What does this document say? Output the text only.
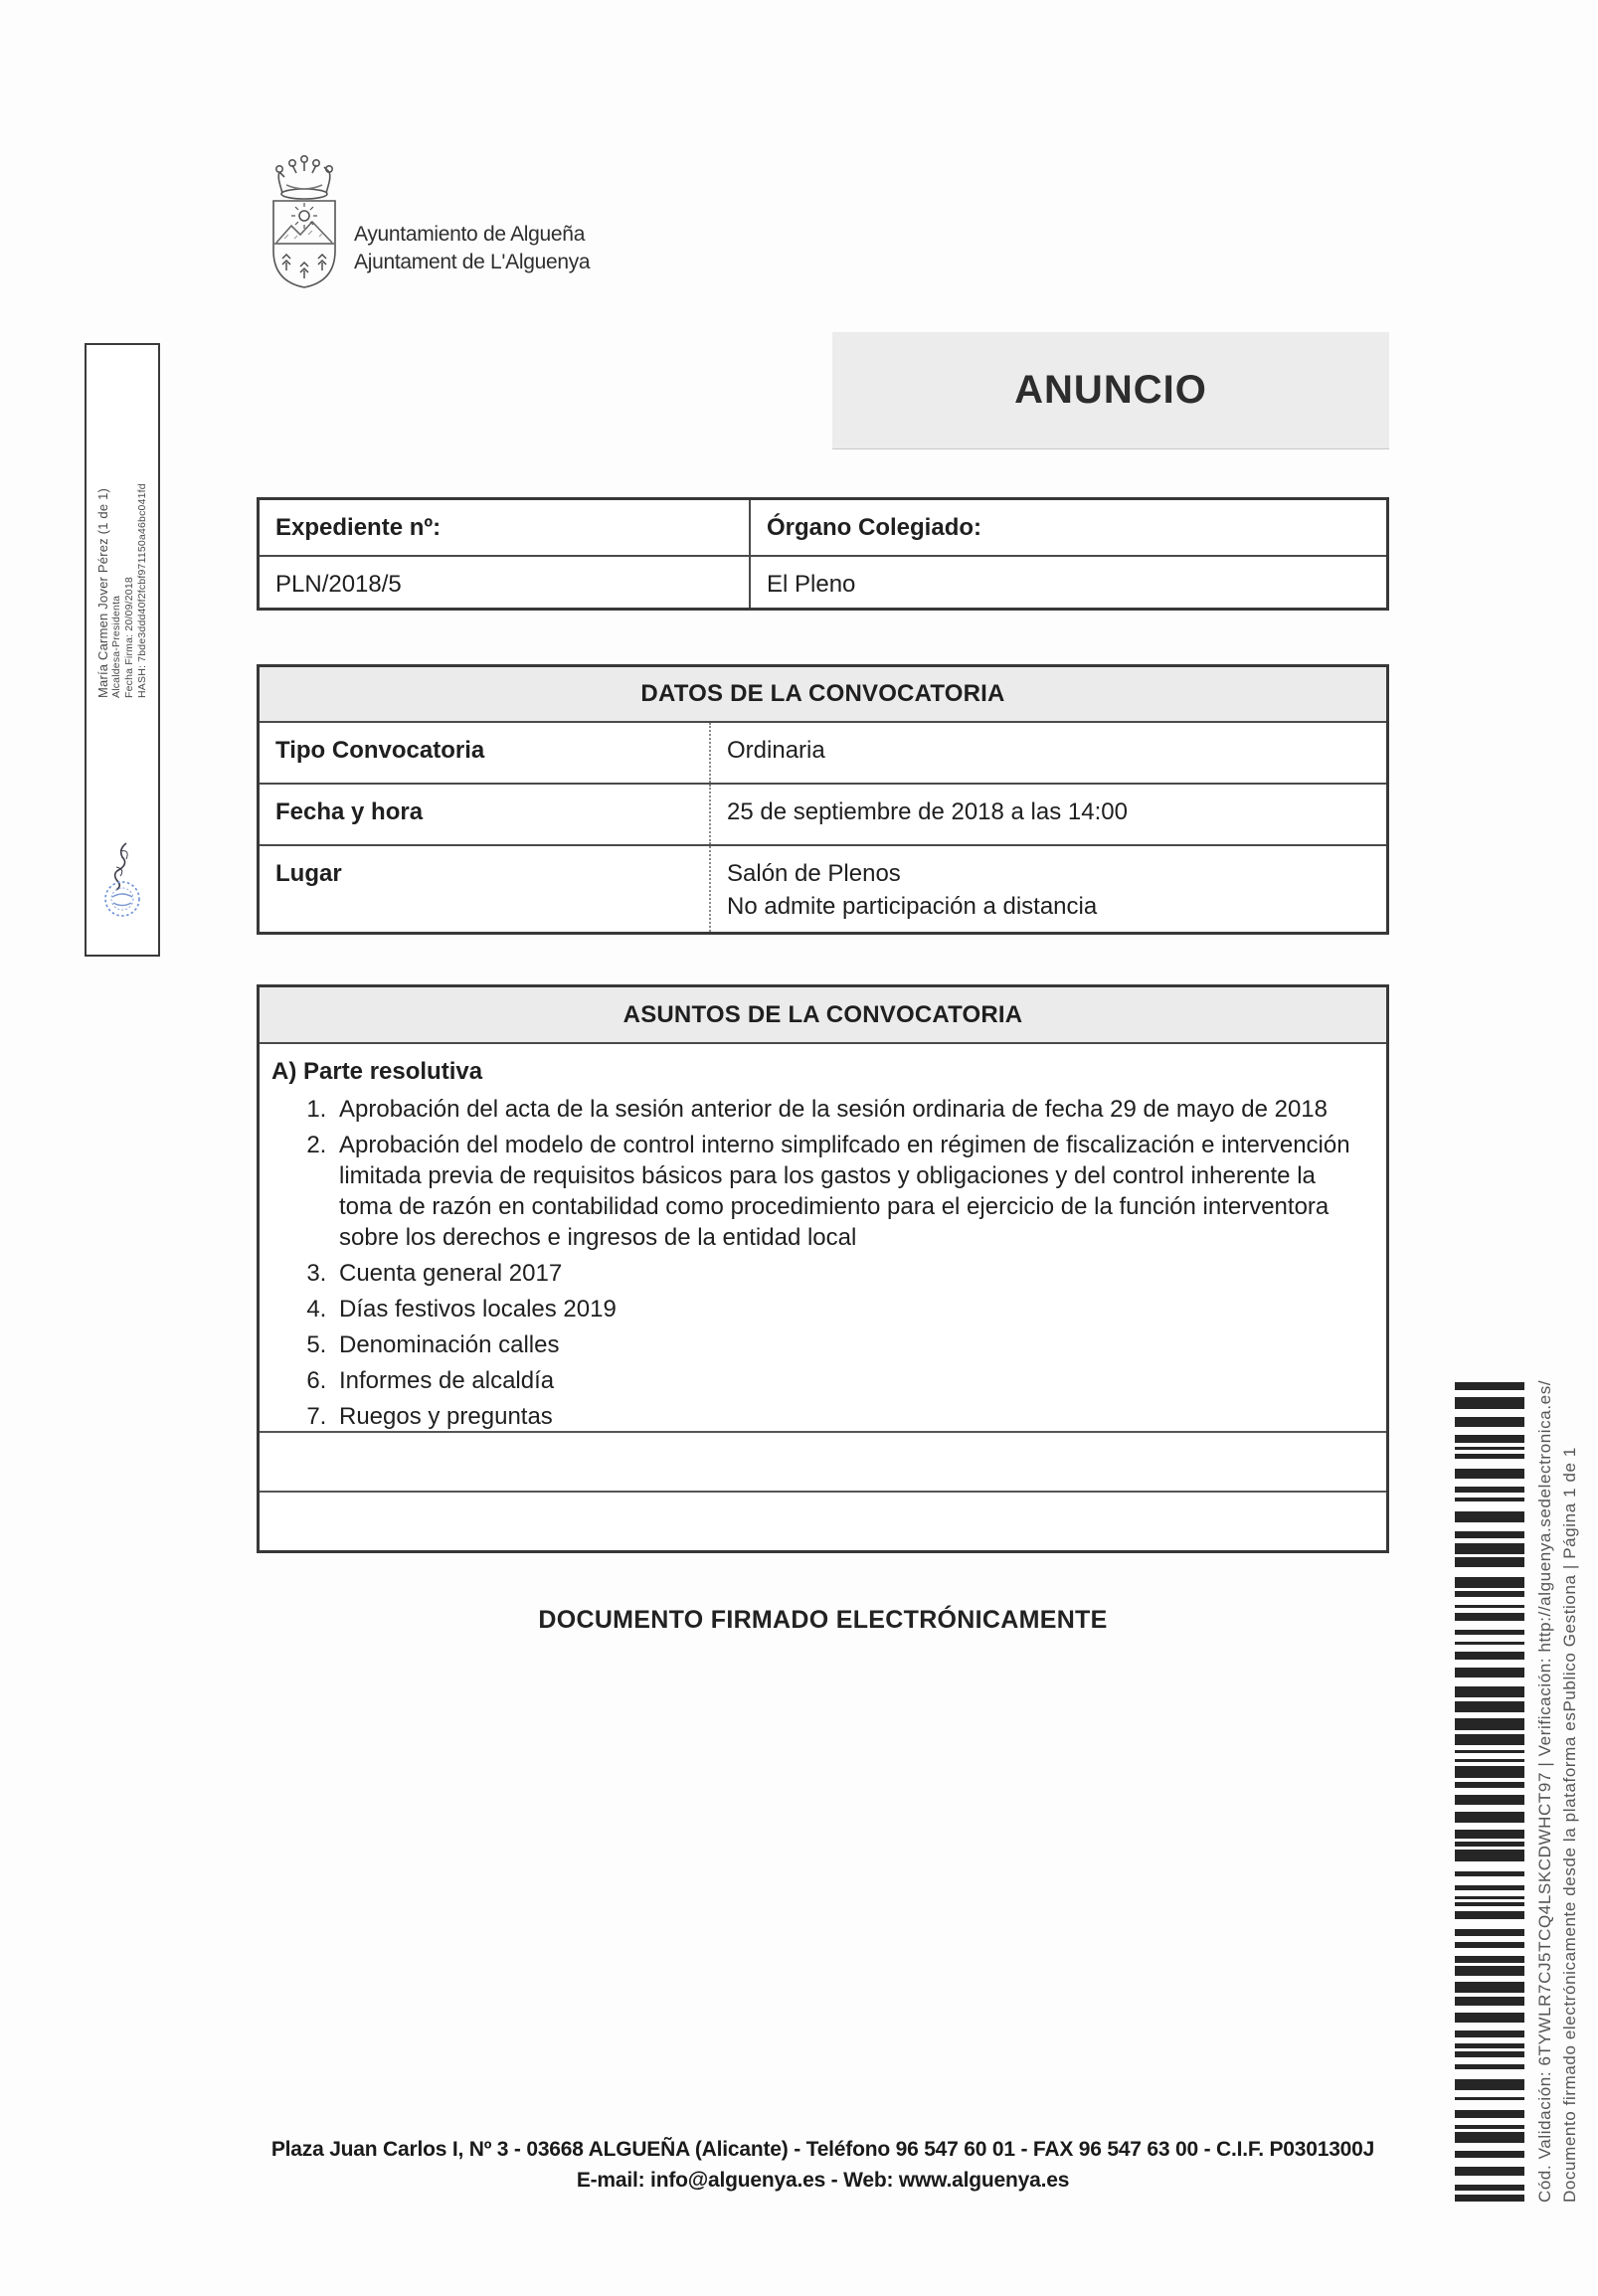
Ayuntamiento de Algueña
Ajuntament de L'Alguenya
María Carmen Jover Pérez (1 de 1) Alcaldesa-Presidenta Fecha Firma: 20/09/2018 HASH: 7bde3ddd40f2fcbf971150a46bc041fd
ANUNCIO
Expediente nº:	Órgano Colegiado:
PLN/2018/5	El Pleno
DATOS DE LA CONVOCATORIA
Tipo Convocatoria	Ordinaria
Fecha y hora	25 de septiembre de 2018 a las 14:00
Lugar	Salón de Plenos
No admite participación a distancia
ASUNTOS DE LA CONVOCATORIA
A) Parte resolutiva
1. Aprobación del acta de la sesión anterior de la sesión ordinaria de fecha 29 de mayo de 2018
2. Aprobación del modelo de control interno simplifcado en régimen de fiscalización e intervención limitada previa de requisitos básicos para los gastos y obligaciones y del control inherente la toma de razón en contabilidad como procedimiento para el ejercicio de la función interventora sobre los derechos e ingresos de la entidad local
3. Cuenta general 2017
4. Días festivos locales 2019
5. Denominación calles
6. Informes de alcaldía
7. Ruegos y preguntas
DOCUMENTO FIRMADO ELECTRÓNICAMENTE	Cód. Validación: 6TYWLR7CJ5TCQ4LSKCDWHCT97 | Verificación: http://alguenya.sedelectronica.es/ Documento firmado electrónicamente desde la plataforma esPublico Gestiona | Página 1 de 1
Plaza Juan Carlos I, Nº 3 - 03668 ALGUEÑA (Alicante) - Teléfono 96 547 60 01 - FAX 96 547 63 00 - C.I.F. P0301300J
E-mail: info@alguenya.es - Web: www.alguenya.es
